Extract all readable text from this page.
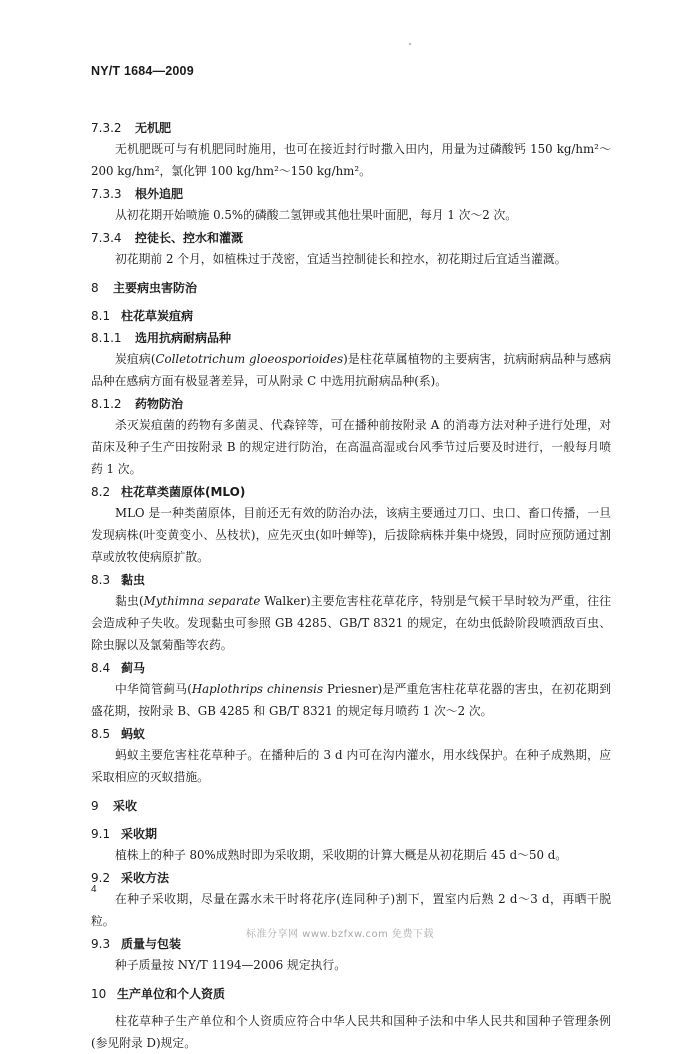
NY/T 1684—2009
7.3.2 无机肥
无机肥既可与有机肥同时施用，也可在接近封行时撒入田内，用量为过磷酸钙 150 kg/hm²～200 kg/hm²，氯化钾 100 kg/hm²～150 kg/hm²。
7.3.3 根外追肥
从初花期开始喷施 0.5%的磷酸二氢钾或其他壮果叶面肥，每月 1 次～2 次。
7.3.4 控徒长、控水和灌溉
初花期前 2 个月，如植株过于茂密，宜适当控制徒长和控水，初花期过后宜适当灌溉。
8 主要病虫害防治
8.1 柱花草炭疽病
8.1.1 选用抗病耐病品种
炭疽病(Colletotrichum gloeosporioides)是柱花草属植物的主要病害，抗病耐病品种与感病品种在感病方面有极显著差异，可从附录 C 中选用抗耐病品种(系)。
8.1.2 药物防治
杀灭炭疽菌的药物有多菌灵、代森锌等，可在播种前按附录 A 的消毒方法对种子进行处理，对苗床及种子生产田按附录 B 的规定进行防治，在高温高湿或台风季节过后要及时进行，一般每月喷药 1 次。
8.2 柱花草类菌原体(MLO)
MLO 是一种类菌原体，目前还无有效的防治办法，该病主要通过刀口、虫口、畜口传播，一旦发现病株(叶变黄变小、丛枝状)，应先灭虫(如叶蝉等)，后拔除病株并集中烧毁，同时应预防通过割草或放牧使病原扩散。
8.3 黏虫
黏虫(Mythimna separate Walker)主要危害柱花草花序，特别是气候干旱时较为严重，往往会造成种子失收。发现黏虫可参照 GB 4285、GB/T 8321 的规定，在幼虫低龄阶段喷洒敌百虫、除虫脲以及氯菊酯等农药。
8.4 蓟马
中华简管蓟马(Haplothrips chinensis Priesner)是严重危害柱花草花器的害虫，在初花期到盛花期，按附录 B、GB 4285 和 GB/T 8321 的规定每月喷药 1 次～2 次。
8.5 蚂蚁
蚂蚁主要危害柱花草种子。在播种后的 3 d 内可在沟内灌水，用水线保护。在种子成熟期，应采取相应的灭蚁措施。
9 采收
9.1 采收期
植株上的种子 80%成熟时即为采收期，采收期的计算大概是从初花期后 45 d～50 d。
9.2 采收方法
在种子采收期，尽量在露水未干时将花序(连同种子)割下，置室内后熟 2 d～3 d，再晒干脱粒。
9.3 质量与包装
种子质量按 NY/T 1194—2006 规定执行。
10 生产单位和个人资质
柱花草种子生产单位和个人资质应符合中华人民共和国种子法和中华人民共和国种子管理条例(参见附录 D)规定。
4
标准分享网 www.bzfxw.com 免费下载
